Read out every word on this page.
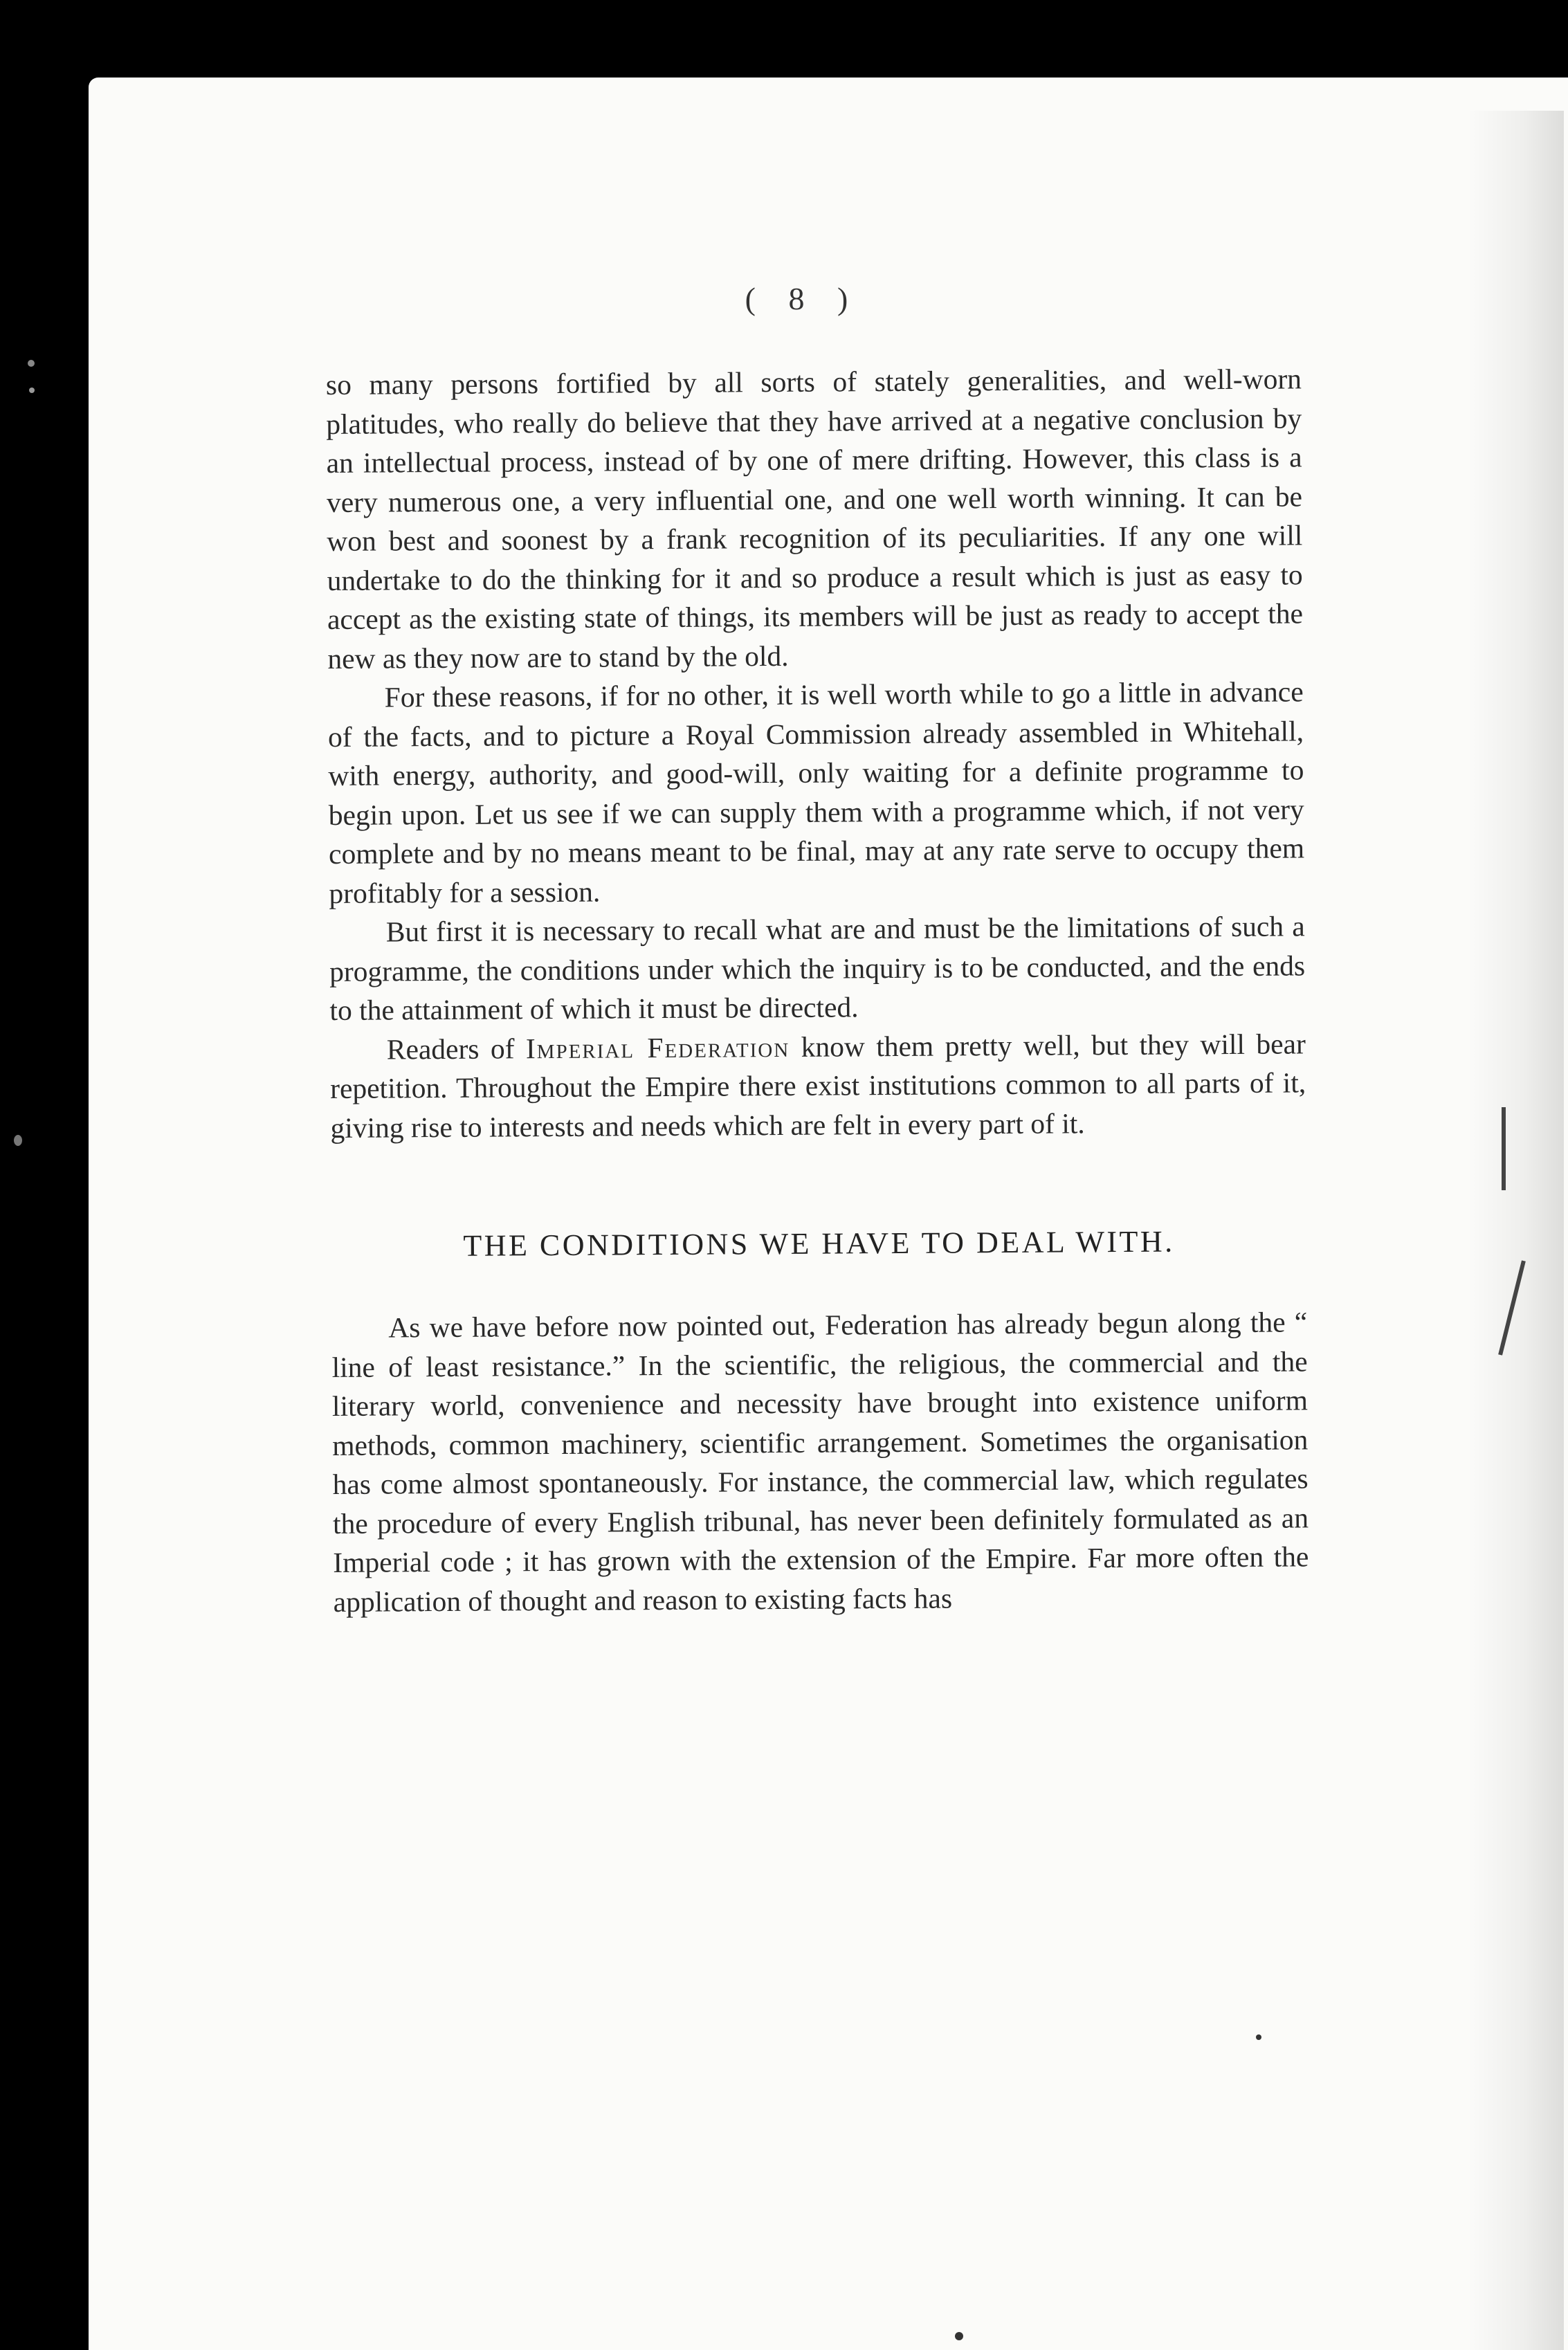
( 8 )

so many persons fortified by all sorts of stately generalities, and well-worn platitudes, who really do believe that they have arrived at a negative conclusion by an intellectual process, instead of by one of mere drifting. However, this class is a very numerous one, a very influential one, and one well worth winning. It can be won best and soonest by a frank recognition of its peculiarities. If any one will undertake to do the thinking for it and so produce a result which is just as easy to accept as the existing state of things, its members will be just as ready to accept the new as they now are to stand by the old.

For these reasons, if for no other, it is well worth while to go a little in advance of the facts, and to picture a Royal Commission already assembled in Whitehall, with energy, authority, and good-will, only waiting for a definite programme to begin upon. Let us see if we can supply them with a programme which, if not very complete and by no means meant to be final, may at any rate serve to occupy them profitably for a session.

But first it is necessary to recall what are and must be the limitations of such a programme, the conditions under which the inquiry is to be conducted, and the ends to the attainment of which it must be directed.

Readers of Imperial Federation know them pretty well, but they will bear repetition. Throughout the Empire there exist institutions common to all parts of it, giving rise to interests and needs which are felt in every part of it.

THE CONDITIONS WE HAVE TO DEAL WITH.

As we have before now pointed out, Federation has already begun along the “ line of least resistance.” In the scientific, the religious, the commercial and the literary world, convenience and necessity have brought into existence uniform methods, common machinery, scientific arrangement. Sometimes the organisation has come almost spontaneously. For instance, the commercial law, which regulates the procedure of every English tribunal, has never been definitely formulated as an Imperial code ; it has grown with the extension of the Empire. Far more often the application of thought and reason to existing facts has
